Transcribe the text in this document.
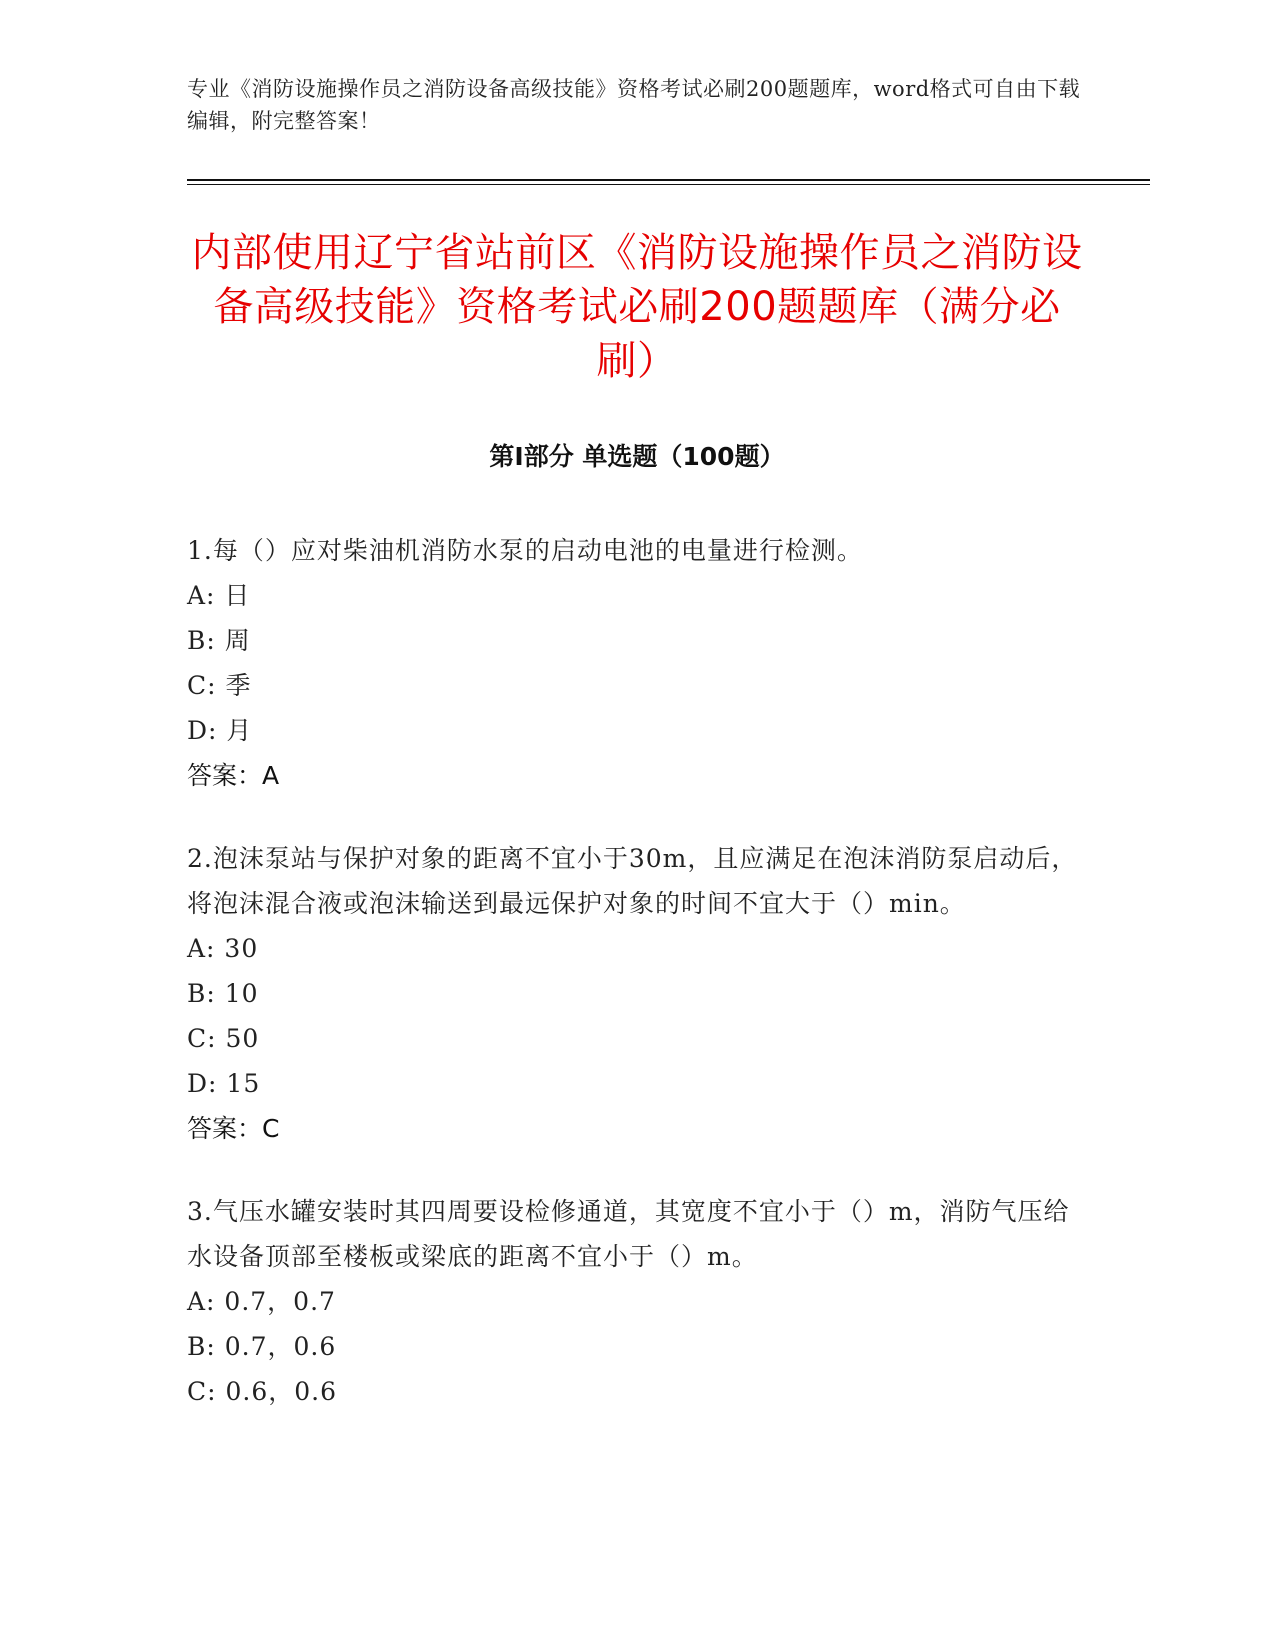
专业《消防设施操作员之消防设备高级技能》资格考试必刷200题题库，word格式可自由下载编辑，附完整答案！
内部使用辽宁省站前区《消防设施操作员之消防设备高级技能》资格考试必刷200题题库（满分必刷）
第Ⅰ部分 单选题（100题）
1.每（）应对柴油机消防水泵的启动电池的电量进行检测。
A: 日
B: 周
C: 季
D: 月
答案：A
2.泡沫泵站与保护对象的距离不宜小于30m，且应满足在泡沫消防泵启动后，将泡沫混合液或泡沫输送到最远保护对象的时间不宜大于（）min。
A: 30
B: 10
C: 50
D: 15
答案：C
3.气压水罐安装时其四周要设检修通道，其宽度不宜小于（）m，消防气压给水设备顶部至楼板或梁底的距离不宜小于（）m。
A: 0.7，0.7
B: 0.7，0.6
C: 0.6，0.6
